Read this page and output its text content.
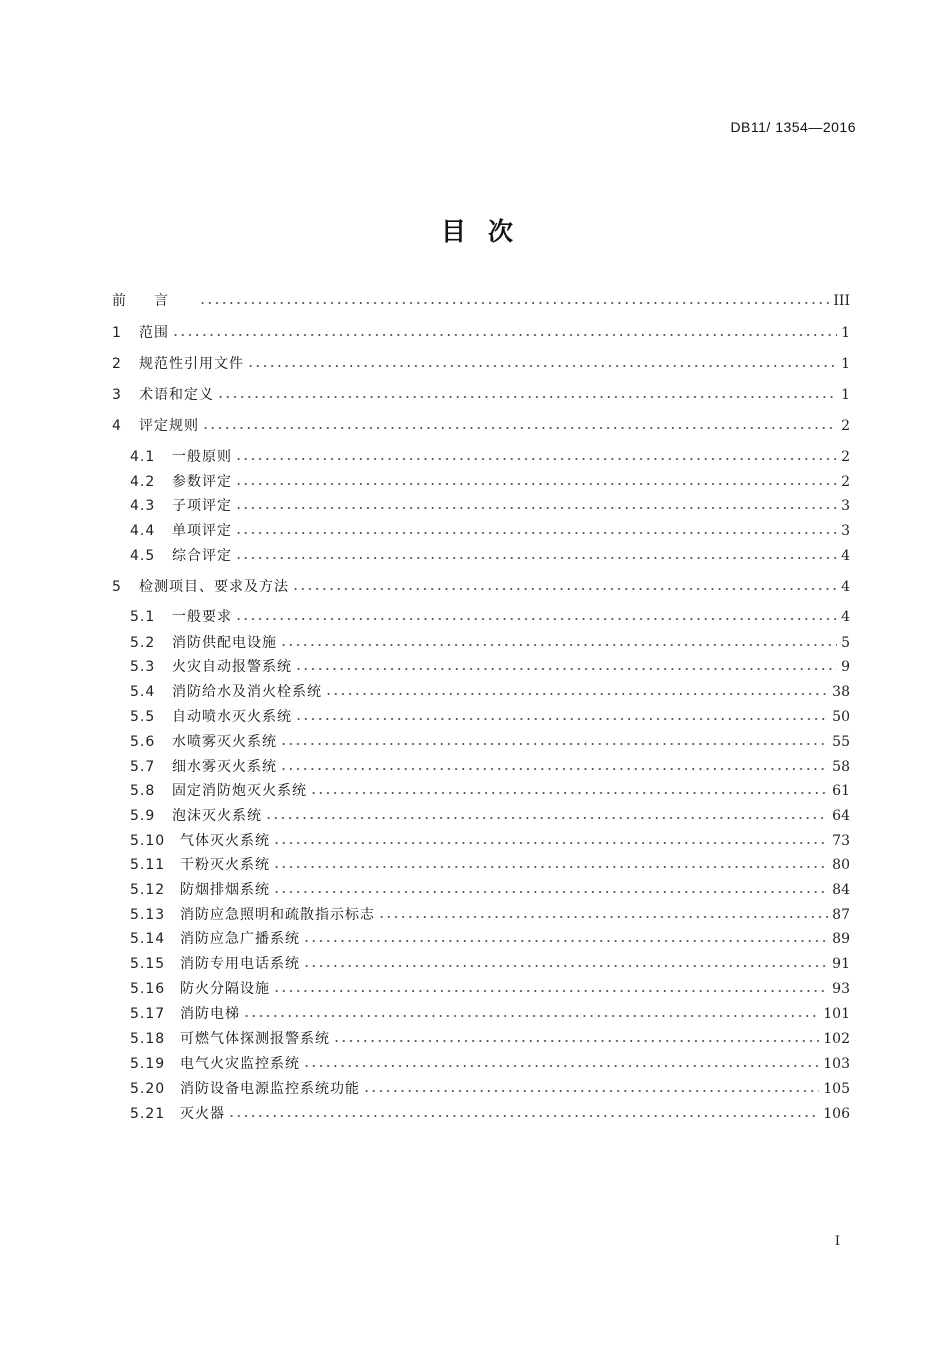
DB11/ 1354—2016
目次
前言	III
1	范围	1
2	规范性引用文件	1
3	术语和定义	1
4	评定规则	2
4.1	一般原则	2
4.2	参数评定	2
4.3	子项评定	3
4.4	单项评定	3
4.5	综合评定	4
5	检测项目、要求及方法	4
5.1	一般要求	4
5.2	消防供配电设施	5
5.3	火灾自动报警系统	9
5.4	消防给水及消火栓系统	38
5.5	自动喷水灭火系统	50
5.6	水喷雾灭火系统	55
5.7	细水雾灭火系统	58
5.8	固定消防炮灭火系统	61
5.9	泡沫灭火系统	64
5.10	气体灭火系统	73
5.11	干粉灭火系统	80
5.12	防烟排烟系统	84
5.13	消防应急照明和疏散指示标志	87
5.14	消防应急广播系统	89
5.15	消防专用电话系统	91
5.16	防火分隔设施	93
5.17	消防电梯	101
5.18	可燃气体探测报警系统	102
5.19	电气火灾监控系统	103
5.20	消防设备电源监控系统功能	105
5.21	灭火器	106
I
